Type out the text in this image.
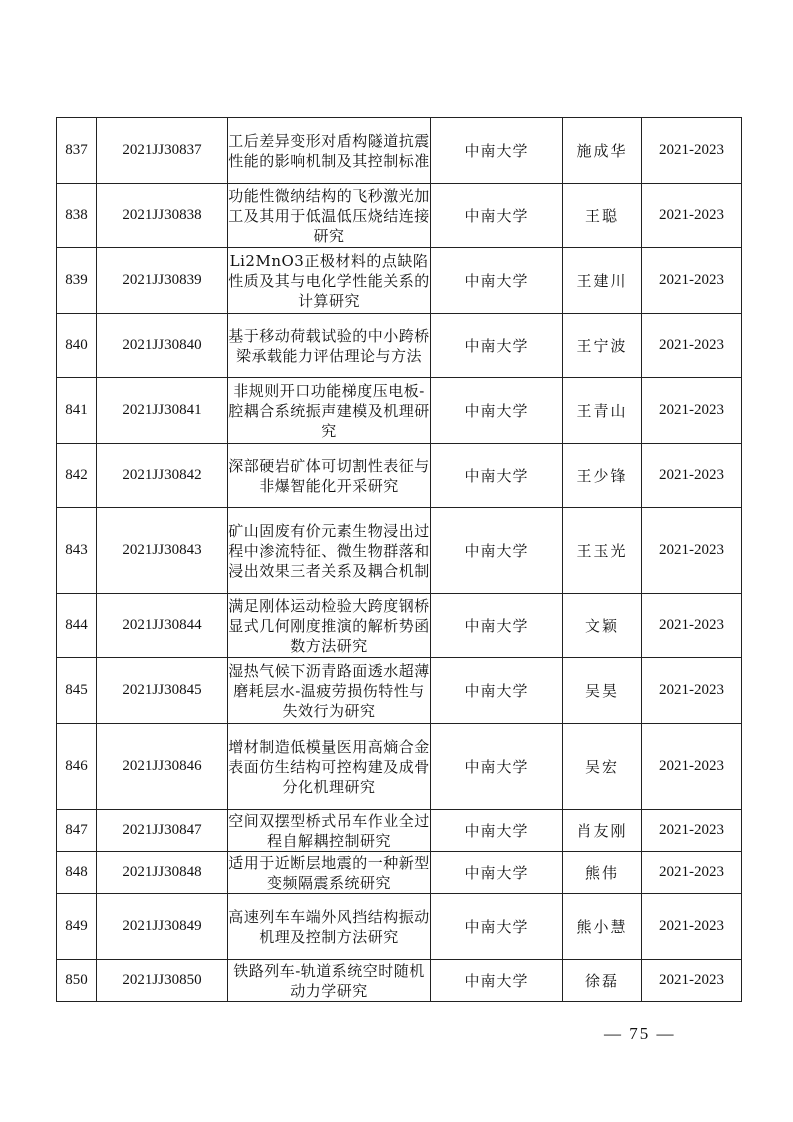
837	2021JJ30837	工后差异变形对盾构隧道抗震性能的影响机制及其控制标准	中南大学	施成华	2021-2023
838	2021JJ30838	功能性微纳结构的飞秒激光加工及其用于低温低压烧结连接研究	中南大学	王聪	2021-2023
839	2021JJ30839	Li2MnO3正极材料的点缺陷性质及其与电化学性能关系的计算研究	中南大学	王建川	2021-2023
840	2021JJ30840	基于移动荷载试验的中小跨桥梁承载能力评估理论与方法	中南大学	王宁波	2021-2023
841	2021JJ30841	非规则开口功能梯度压电板-腔耦合系统振声建模及机理研究	中南大学	王青山	2021-2023
842	2021JJ30842	深部硬岩矿体可切割性表征与非爆智能化开采研究	中南大学	王少锋	2021-2023
843	2021JJ30843	矿山固废有价元素生物浸出过程中渗流特征、微生物群落和浸出效果三者关系及耦合机制	中南大学	王玉光	2021-2023
844	2021JJ30844	满足刚体运动检验大跨度钢桥显式几何刚度推演的解析势函数方法研究	中南大学	文颖	2021-2023
845	2021JJ30845	湿热气候下沥青路面透水超薄磨耗层水-温疲劳损伤特性与失效行为研究	中南大学	吴昊	2021-2023
846	2021JJ30846	增材制造低模量医用高熵合金表面仿生结构可控构建及成骨分化机理研究	中南大学	吴宏	2021-2023
847	2021JJ30847	空间双摆型桥式吊车作业全过程自解耦控制研究	中南大学	肖友刚	2021-2023
848	2021JJ30848	适用于近断层地震的一种新型变频隔震系统研究	中南大学	熊伟	2021-2023
849	2021JJ30849	高速列车车端外风挡结构振动机理及控制方法研究	中南大学	熊小慧	2021-2023
850	2021JJ30850	铁路列车-轨道系统空时随机动力学研究	中南大学	徐磊	2021-2023
— 75 —
